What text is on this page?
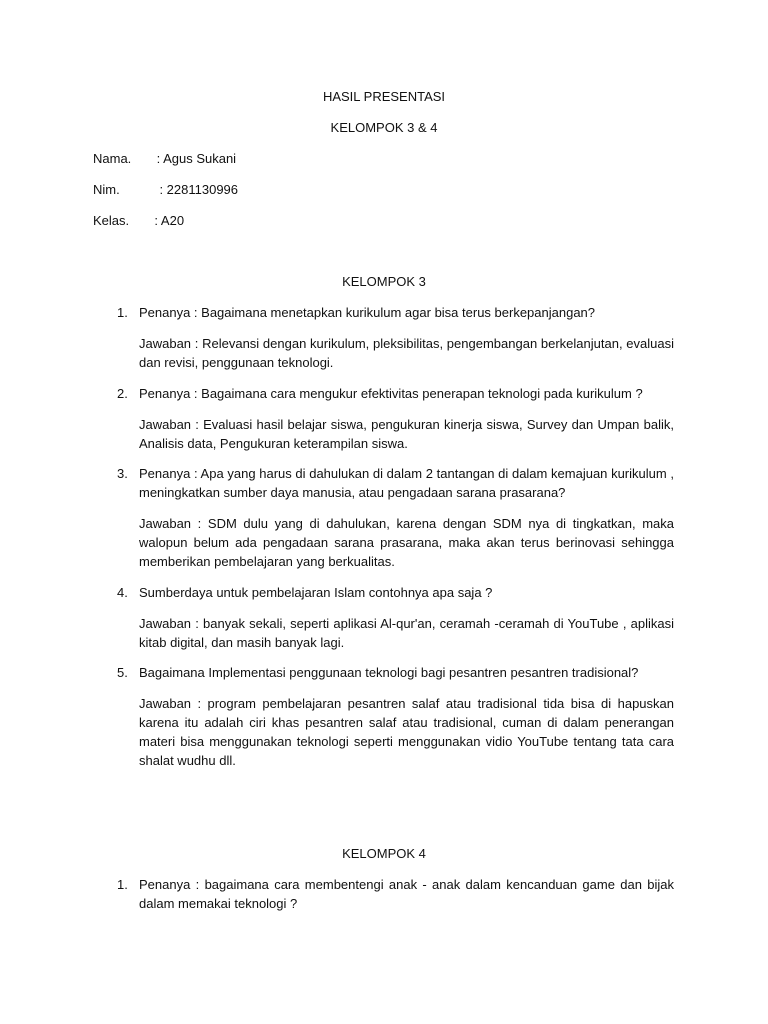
HASIL PRESENTASI
KELOMPOK 3 & 4
Nama.       : Agus Sukani
Nim.           : 2281130996
Kelas.       : A20
KELOMPOK 3
1. Penanya : Bagaimana menetapkan kurikulum agar bisa terus berkepanjangan?
Jawaban : Relevansi dengan kurikulum, pleksibilitas, pengembangan berkelanjutan, evaluasi dan revisi, penggunaan teknologi.
2. Penanya : Bagaimana cara mengukur efektivitas penerapan teknologi pada kurikulum ?
Jawaban : Evaluasi hasil belajar siswa, pengukuran kinerja siswa, Survey dan Umpan balik, Analisis data, Pengukuran keterampilan siswa.
3. Penanya : Apa yang harus di dahulukan di dalam 2 tantangan di dalam kemajuan kurikulum , meningkatkan sumber daya manusia, atau pengadaan sarana prasarana?
Jawaban : SDM dulu yang di dahulukan, karena dengan SDM nya di tingkatkan, maka walopun belum ada pengadaan sarana prasarana, maka akan terus berinovasi sehingga memberikan pembelajaran yang berkualitas.
4. Sumberdaya untuk pembelajaran Islam contohnya apa saja ?
Jawaban : banyak sekali, seperti aplikasi Al-qur'an, ceramah -ceramah di YouTube , aplikasi kitab digital, dan masih banyak lagi.
5. Bagaimana Implementasi penggunaan teknologi bagi pesantren pesantren tradisional?
Jawaban : program pembelajaran pesantren salaf atau tradisional tida bisa di hapuskan karena itu adalah ciri khas pesantren salaf atau tradisional, cuman di dalam penerangan materi bisa menggunakan teknologi seperti menggunakan vidio YouTube tentang tata cara shalat wudhu dll.
KELOMPOK 4
1. Penanya : bagaimana cara membentengi anak - anak dalam kencanduan game dan bijak dalam memakai teknologi ?
